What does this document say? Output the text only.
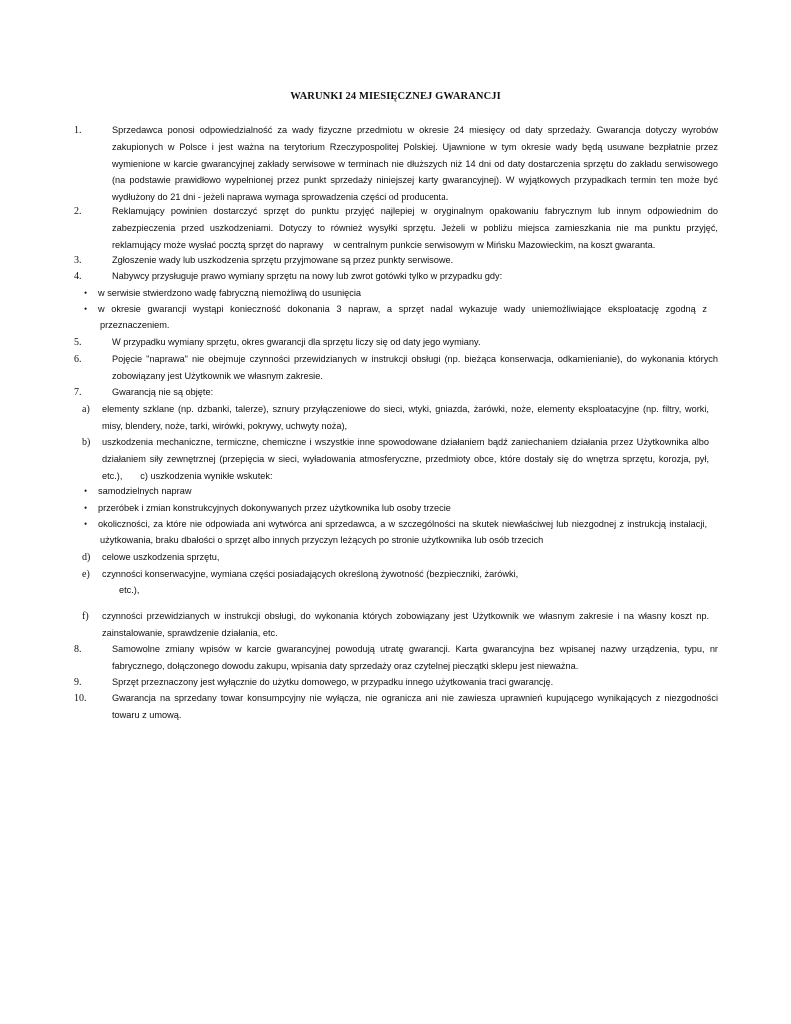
WARUNKI 24 MIESIĘCZNEJ GWARANCJI
1.	Sprzedawca ponosi odpowiedzialność za wady fizyczne przedmiotu w okresie 24 miesięcy od daty sprzedaży. Gwarancja dotyczy wyrobów zakupionych w Polsce i jest ważna na terytorium Rzeczypospolitej Polskiej. Ujawnione w tym okresie wady będą usuwane bezpłatnie przez wymienione w karcie gwarancyjnej zakłady serwisowe w terminach nie dłuższych niż 14 dni od daty dostarczenia sprzętu do zakładu serwisowego    (na podstawie prawidłowo wypełnionej przez punkt sprzedaży niniejszej karty gwarancyjnej). W wyjątkowych przypadkach termin ten może być wydłużony do 21 dni - jeżeli naprawa wymaga sprowadzenia części od producenta.
2.	Reklamujący powinien dostarczyć sprzęt do punktu przyjęć najlepiej w oryginalnym opakowaniu fabrycznym lub innym odpowiednim do zabezpieczenia przed uszkodzeniami. Dotyczy to również wysyłki sprzętu. Jeżeli w pobliżu miejsca zamieszkania nie ma punktu przyjęć, reklamujący może wysłać pocztą sprzęt do naprawy    w centralnym punkcie serwisowym w Mińsku Mazowieckim, na koszt gwaranta.
3.	Zgłoszenie wady lub uszkodzenia sprzętu przyjmowane są przez punkty serwisowe.
4.	Nabywcy przysługuje prawo wymiany sprzętu na nowy lub zwrot gotówki tylko w przypadku gdy:
• w serwisie stwierdzono wadę fabryczną niemożliwą do usunięcia
• w okresie gwarancji wystąpi konieczność dokonania 3 napraw, a sprzęt nadal wykazuje wady uniemożliwiające eksploatację zgodną z przeznaczeniem.
5.	W przypadku wymiany sprzętu, okres gwarancji dla sprzętu liczy się od daty jego wymiany.
6.	Pojęcie "naprawa" nie obejmuje czynności przewidzianych w instrukcji obsługi (np. bieżąca konserwacja, odkamienianie), do wykonania których zobowiązany jest Użytkownik we własnym zakresie.
7.	Gwarancją nie są objęte:
a) elementy szklane (np. dzbanki, talerze), sznury przyłączeniowe do sieci, wtyki, gniazda, żarówki, noże, elementy eksploatacyjne (np. filtry, worki, misy, blendery, noże, tarki, wirówki, pokrywy, uchwyty noża),
b) uszkodzenia mechaniczne, termiczne, chemiczne i wszystkie inne spowodowane działaniem bądź zaniechaniem działania przez Użytkownika albo działaniem siły zewnętrznej (przepięcia w sieci, wyładowania atmosferyczne, przedmioty obce, które dostały się do wnętrza sprzętu, korozja, pył, etc.),       c) uszkodzenia wynikłe wskutek:
• samodzielnych napraw
• przeróbek i zmian konstrukcyjnych dokonywanych przez użytkownika lub osoby trzecie
• okoliczności, za które nie odpowiada ani wytwórca ani sprzedawca, a w szczególności na skutek niewłaściwej lub niezgodnej z instrukcją instalacji, użytkowania, braku dbałości o sprzęt albo innych przyczyn leżących po stronie użytkownika lub osób trzecich
d) celowe uszkodzenia sprzętu,
e) czynności konserwacyjne, wymiana części posiadających określoną żywotność (bezpieczniki, żarówki,
etc.),
f) czynności przewidzianych w instrukcji obsługi, do wykonania których zobowiązany jest Użytkownik we własnym zakresie i na własny koszt np. zainstalowanie, sprawdzenie działania, etc.
8.	Samowolne zmiany wpisów w karcie gwarancyjnej powodują utratę gwarancji. Karta gwarancyjna bez wpisanej nazwy urządzenia, typu, nr fabrycznego, dołączonego dowodu zakupu, wpisania daty sprzedaży oraz czytelnej pieczątki sklepu jest nieważna.
9.	Sprzęt przeznaczony jest wyłącznie do użytku domowego, w przypadku innego użytkowania traci gwarancję.
10.	Gwarancja na sprzedany towar konsumpcyjny nie wyłącza, nie ogranicza ani nie zawiesza uprawnień kupującego wynikających z niezgodności towaru z umową.
